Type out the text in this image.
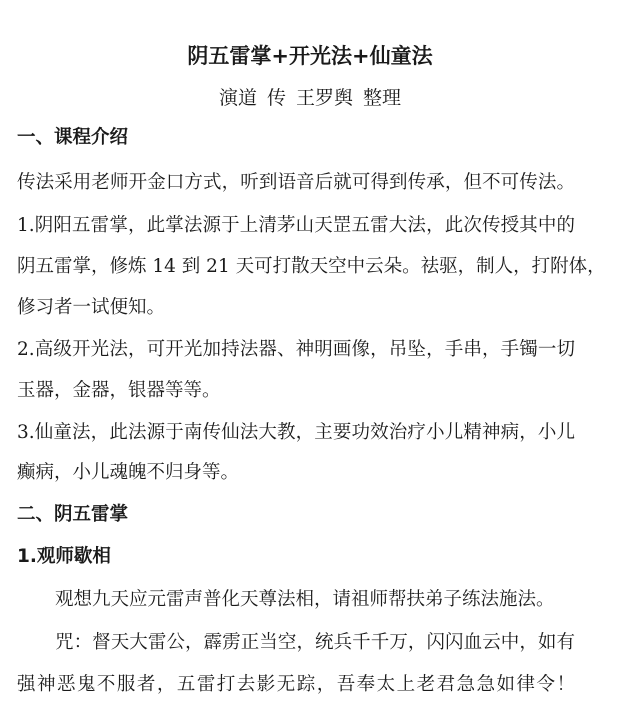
阴五雷掌+开光法+仙童法
演道 传 王罗舆 整理
一、课程介绍
传法采用老师开金口方式，听到语音后就可得到传承，但不可传法。
1.阴阳五雷掌，此掌法源于上清茅山天罡五雷大法，此次传授其中的
阴五雷掌，修炼 14 到 21 天可打散天空中云朵。祛驱，制人，打附体，
修习者一试便知。
2.高级开光法，可开光加持法器、神明画像，吊坠，手串，手镯一切
玉器，金器，银器等等。
3.仙童法，此法源于南传仙法大教，主要功效治疗小儿精神病，小儿
癫病，小儿魂魄不归身等。
二、阴五雷掌
1.观师歇相
观想九天应元雷声普化天尊法相，请祖师帮扶弟子练法施法。
咒：督天大雷公，霹雳正当空，统兵千千万，闪闪血云中，如有
强神恶鬼不服者，五雷打去影无踪，吾奉太上老君急急如律令！
